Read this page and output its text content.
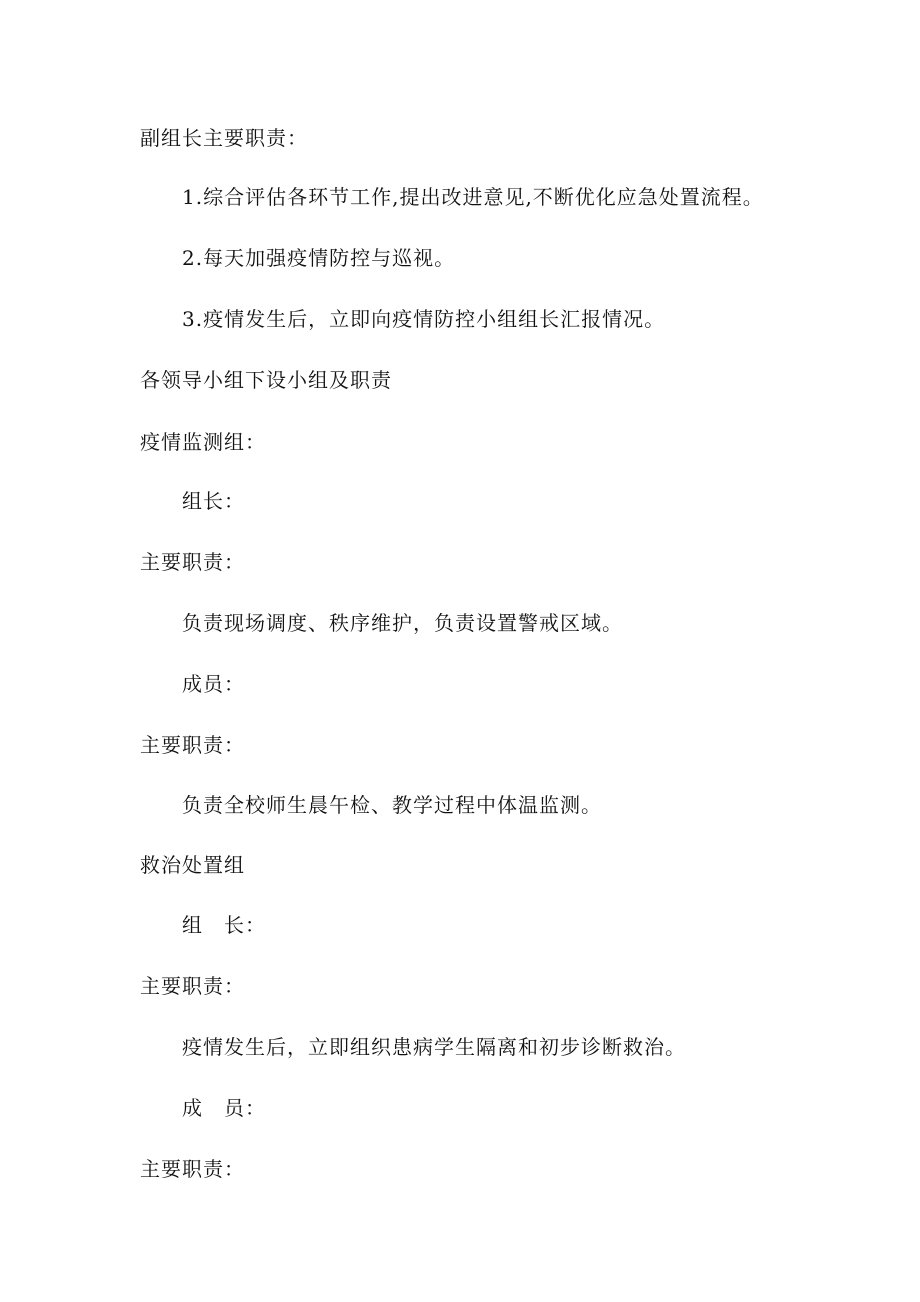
副组长主要职责：
1.综合评估各环节工作,提出改进意见,不断优化应急处置流程。
2.每天加强疫情防控与巡视。
3.疫情发生后，立即向疫情防控小组组长汇报情况。
各领导小组下设小组及职责
疫情监测组：
组长：
主要职责：
负责现场调度、秩序维护，负责设置警戒区域。
成员：
主要职责：
负责全校师生晨午检、教学过程中体温监测。
救治处置组
组　长：
主要职责：
疫情发生后，立即组织患病学生隔离和初步诊断救治。
成　员：
主要职责：
